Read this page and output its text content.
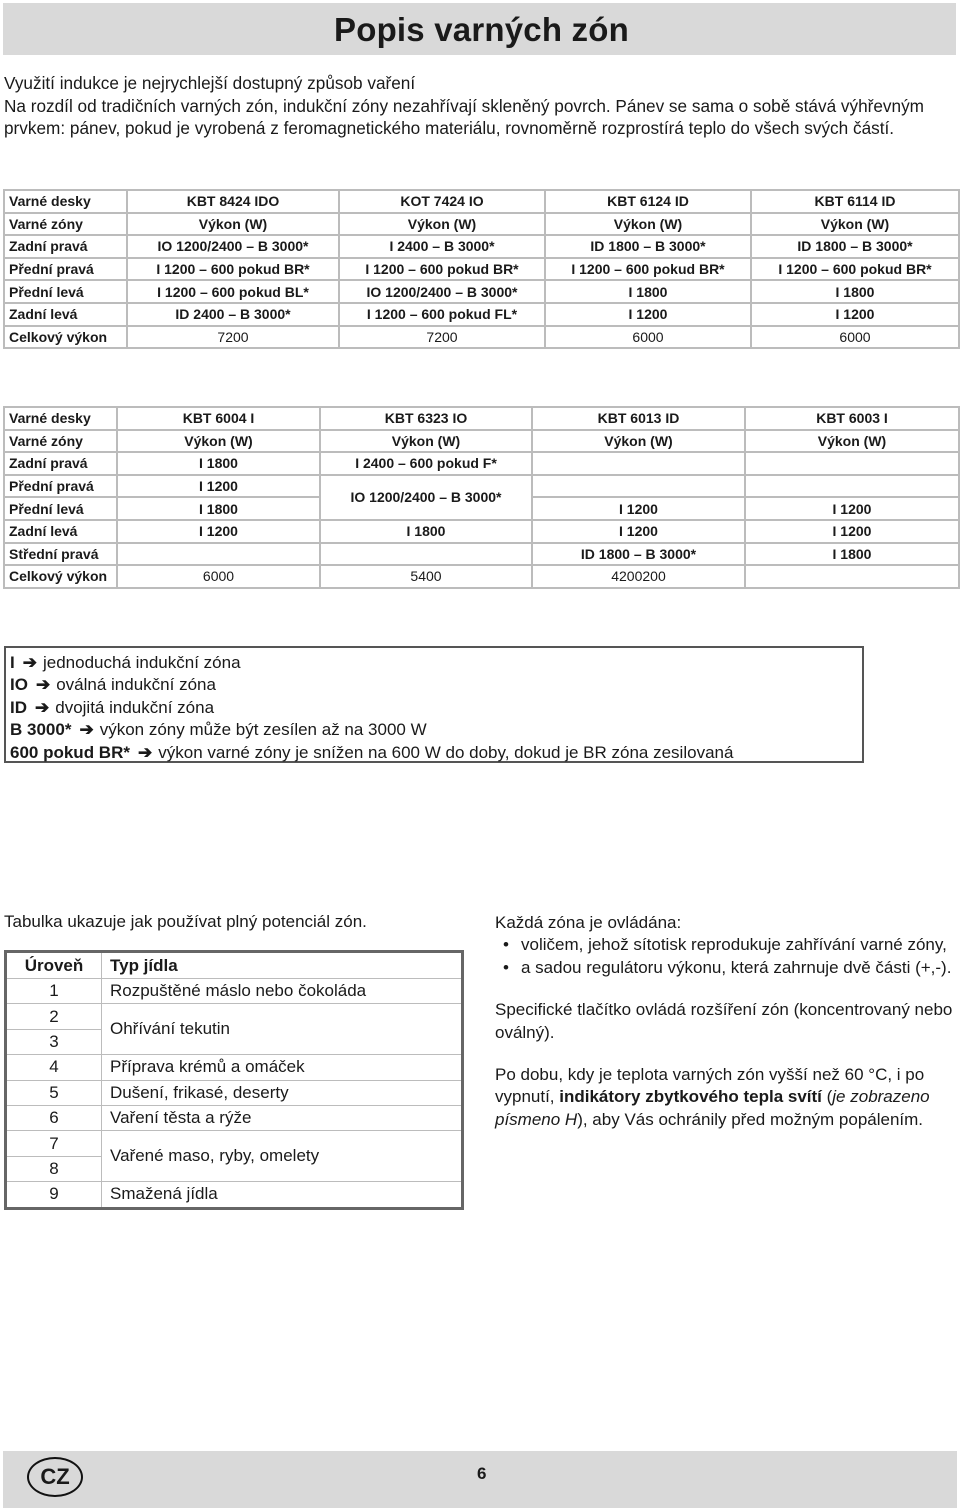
Popis varných zón

Využití indukce je nejrychlejší dostupný způsob vaření

Na rozdíl od tradičních varných zón, indukční zóny nezahřívají skleněný povrch. Pánev se sama o sobě stává výhřevným prvkem: pánev, pokud je vyrobená z feromagnetického materiálu, rovnoměrně rozprostírá teplo do všech svých částí.

Varné desky	KBT 8424 IDO	KOT 7424 IO	KBT 6124 ID	KBT 6114 ID
Varné zóny	Výkon (W)	Výkon (W)	Výkon (W)	Výkon (W)
Zadní pravá	IO 1200/2400 – B 3000*	I 2400 – B 3000*	ID 1800 – B 3000*	ID 1800 – B 3000*
Přední pravá	I 1200 – 600 pokud BR*	I 1200 – 600 pokud BR*	I 1200 – 600 pokud BR*	I 1200 – 600 pokud BR*
Přední levá	I 1200 – 600 pokud BL*	IO 1200/2400 – B 3000*	I 1800	I 1800
Zadní levá	ID 2400 – B 3000*	I 1200 – 600 pokud FL*	I 1200	I 1200
Celkový výkon	7200	7200	6000	6000
Varné desky	KBT 6004 I	KBT 6323 IO	KBT 6013 ID	KBT 6003 I
Varné zóny	Výkon (W)	Výkon (W)	Výkon (W)	Výkon (W)
Zadní pravá	I 1800	I 2400 – 600 pokud F*		
Přední pravá	I 1200	IO 1200/2400 – B 3000*		
Přední levá	I 1800		I 1200	I 1200
Zadní levá	I 1200	I 1800	I 1200	I 1200
Střední pravá			ID 1800 – B 3000*	I 1800
Celkový výkon	6000	5400	4200200	
I ➔ jednoduchá indukční zóna
IO ➔ oválná indukční zóna
ID ➔ dvojitá indukční zóna
B 3000* ➔ výkon zóny může být zesílen až na 3000 W
600 pokud BR* ➔ výkon varné zóny je snížen na 600 W do doby, dokud je BR zóna zesilovaná
Tabulka ukazuje jak používat plný potenciál zón.
Úroveň	Typ jídla
1	Rozpuštěné máslo nebo čokoláda
2	Ohřívání tekutin
3	
4	Příprava krémů a omáček
5	Dušení, frikasé, deserty
6	Vaření těsta a rýže
7	Vařené maso, ryby, omelety
8	
9	Smažená jídla

Každá zóna je ovládána:

• voličem, jehož sítotisk reprodukuje zahřívání varné zóny,
• a sadou regulátoru výkonu, která zahrnuje dvě části (+,-).

Specifické tlačítko ovládá rozšíření zón (koncentrovaný nebo oválný).

Po dobu, kdy je teplota varných zón vyšší než 60 °C, i po vypnutí, indikátory zbytkového tepla svítí (je zobrazeno písmeno H), aby Vás ochránily před možným popálením.

CZ	6
